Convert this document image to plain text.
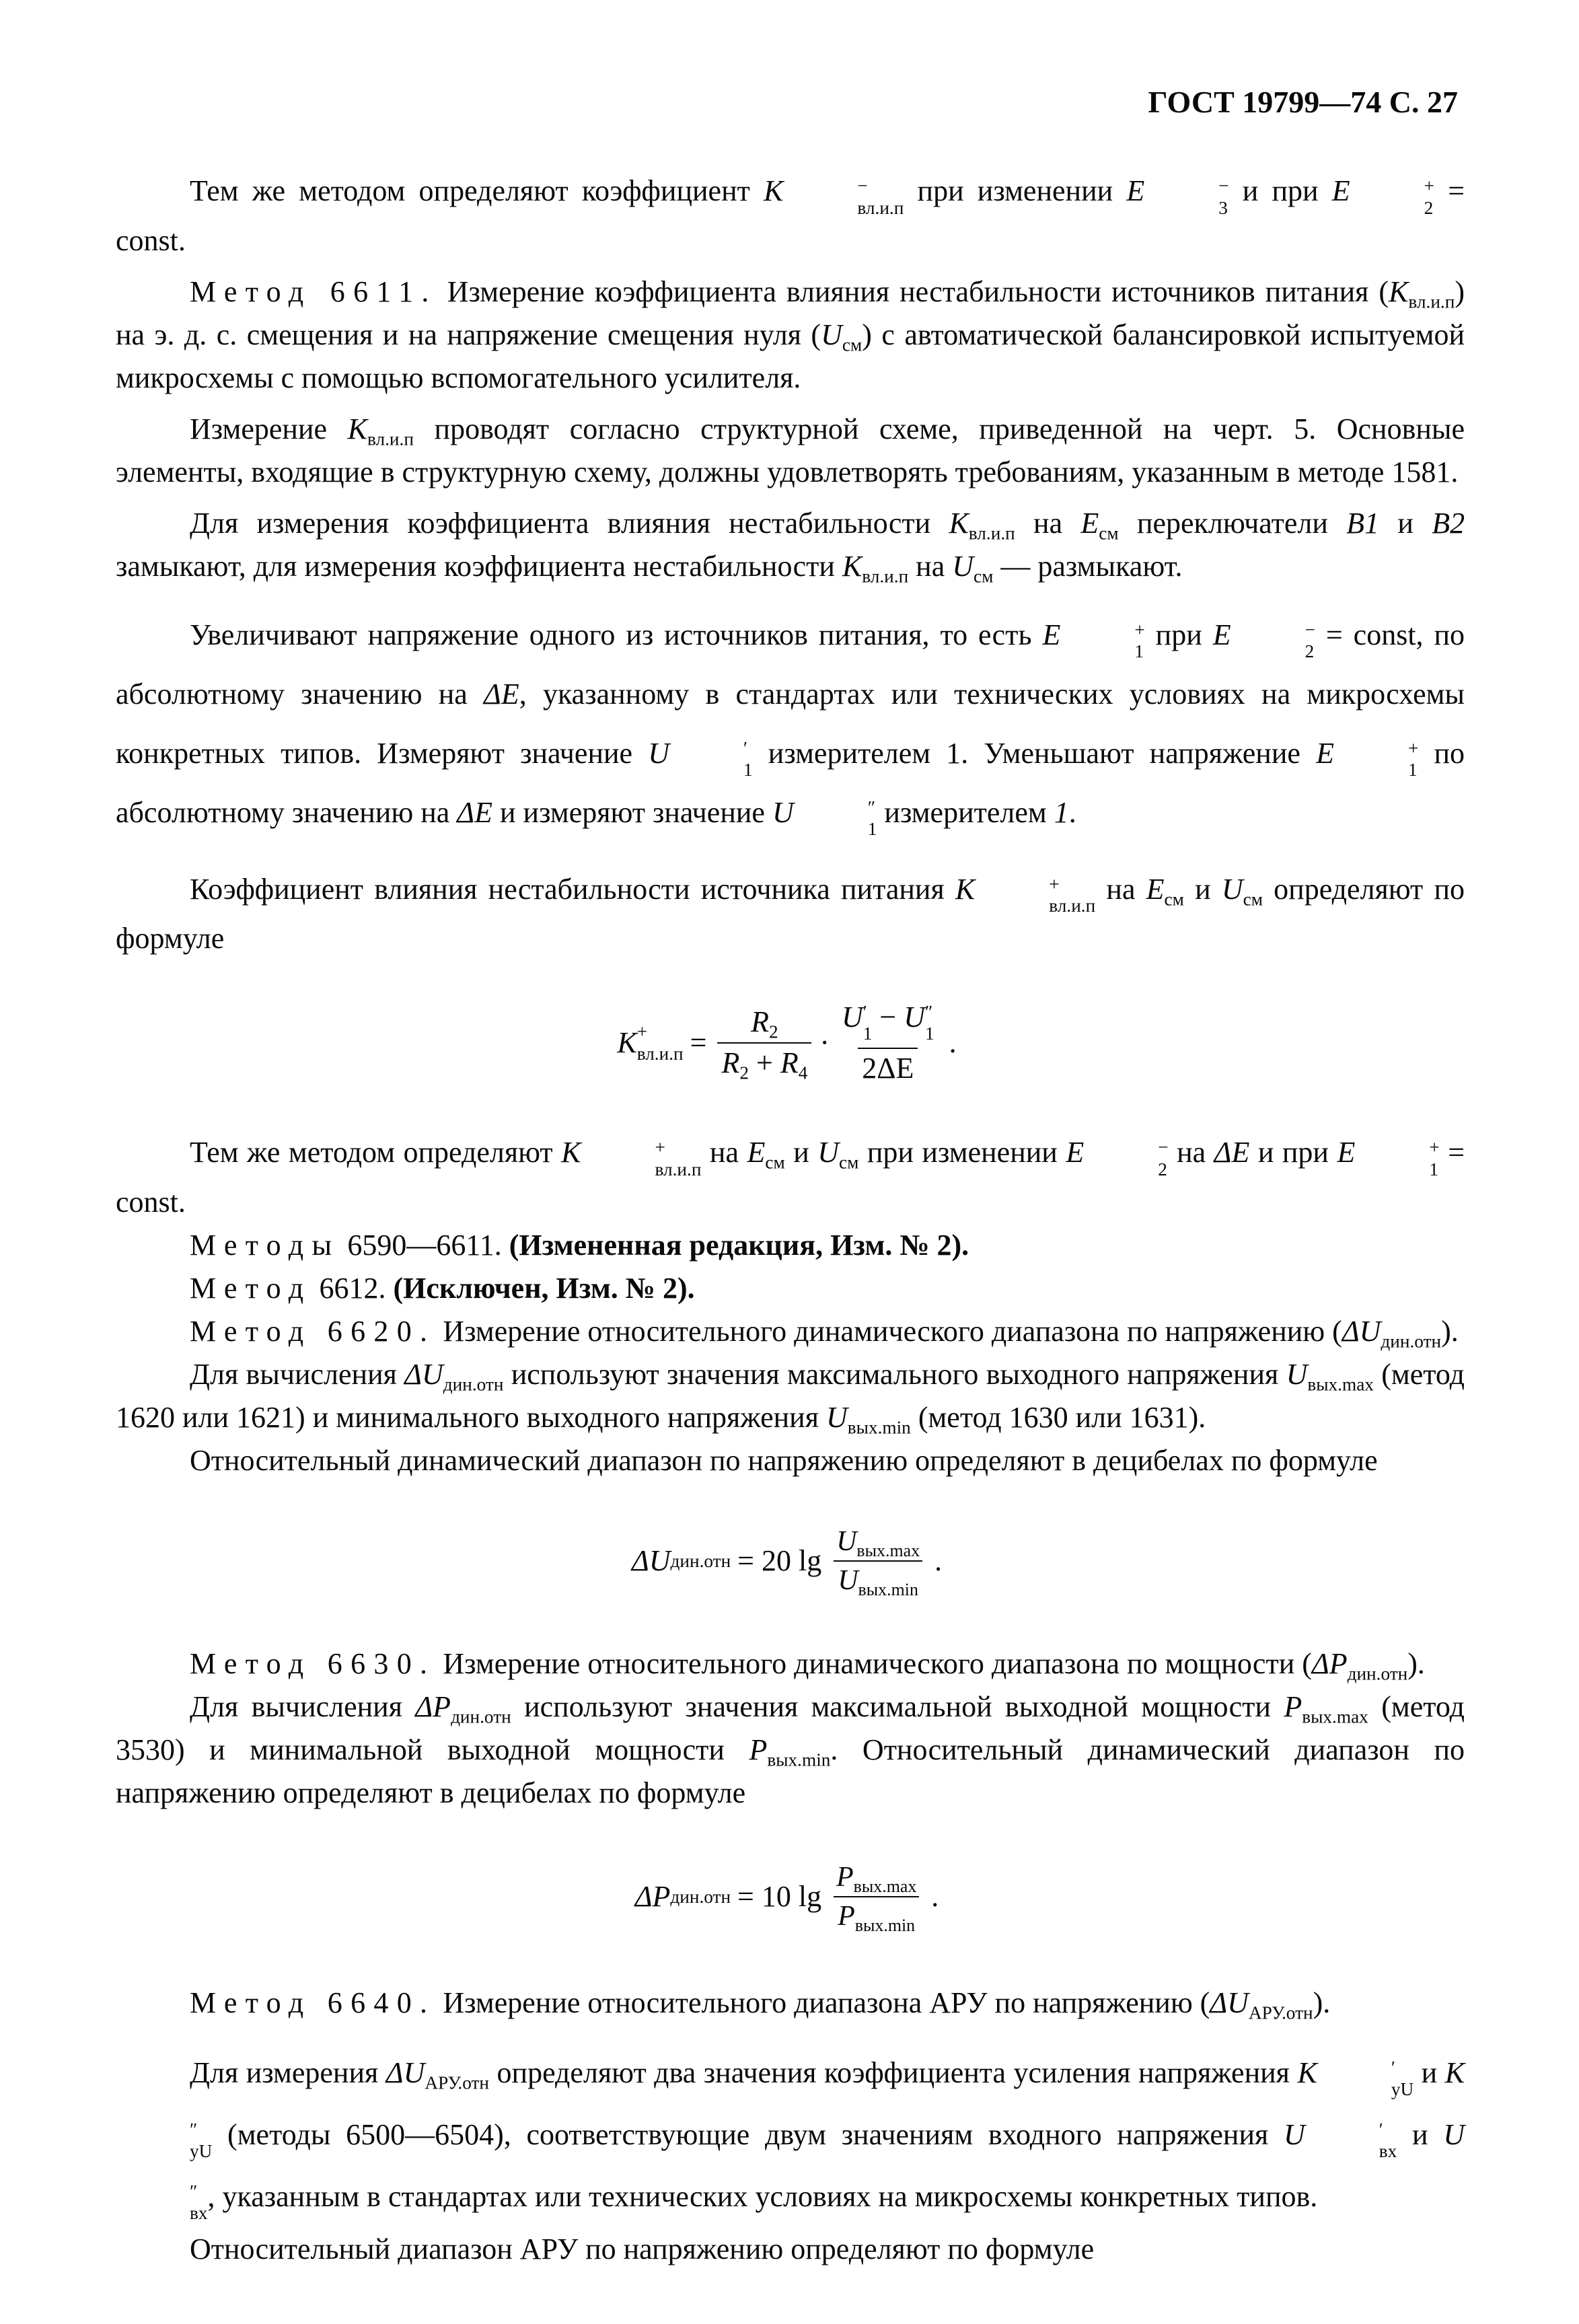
ГОСТ 19799—74 С. 27

Тем же методом определяют коэффициент K	−
вл.и.п
при изменении E	−
3
и при E	+
2
= const.

Метод 6611. Измерение коэффициента влияния нестабильности источников питания $(K_{вл.и.п})$ на э. д. с. смещения и на напряжение смещения нуля $(U_{см})$ с автоматической балансировкой испытуемой микросхемы с помощью вспомогательного усилителя.

Измерение $K_{вл.и.п}$ проводят согласно структурной схеме, приведенной на черт. 5. Основные элементы, входящие в структурную схему, должны удовлетворять требованиям, указанным в методе 1581.

Для измерения коэффициента влияния нестабильности $K_{вл.и.п}$ на $E_{см}$ переключатели B1 и B2 замыкают, для измерения коэффициента нестабильности $K_{вл.и.п}$ на $U_{см}$ — размыкают.

Увеличивают напряжение одного из источников питания, то есть E	+
1
при E	−
2
= const, по абсолютному значению на ΔE, указанному в стандартах или технических условиях на микросхемы конкретных типов. Измеряют значение U	′
1
измерителем 1. Уменьшают напряжение E	+
1
по абсолютному значению на ΔE и измеряют значение U	″
1
измерителем 1.

Коэффициент влияния нестабильности источника питания K	+
вл.и.п
на $E_{см}$ и $U_{см}$ определяют по формуле

K +
$вл.и.п = \frac{R_2}{R_2 + R_4} \cdot U$ ′
1
− U ″
1
2ΔE .

Тем же методом определяют K	+
вл.и.п
на $E_{см}$ и $U_{см}$ при изменении E	−
2
на ΔE и при E	+
1
= const.

Методы 6590—6611. (Измененная редакция, Изм. № 2).

Метод 6612. (Исключен, Изм. № 2).

Метод 6620. Измерение относительного динамического диапазона по напряжению $(\Delta U_{дин.отн})$.

Для вычисления $\Delta U_{дин.отн}$ используют значения максимального выходного напряжения $U_{вых.max}$ (метод 1620 или 1621) и минимального выходного напряжения $U_{вых.min}$ (метод 1630 или 1631).

Относительный динамический диапазон по напряжению определяют в децибелах по формуле

ΔU дин.отн = 20 $\lg \frac{U_{вых.max}}{U_{вых.min}}$ .

Метод 6630. Измерение относительного динамического диапазона по мощности $(\Delta P_{дин.отн})$.

Для вычисления $\Delta P_{дин.отн}$ используют значения максимальной выходной мощности $P_{вых.max}$ (метод 3530) и минимальной выходной мощности $P_{вых.min}$. Относительный динамический диапазон по напряжению определяют в децибелах по формуле

ΔP дин.отн = 10 $\lg \frac{P_{вых.max}}{P_{вых.min}}$ .

Метод 6640. Измерение относительного диапазона АРУ по напряжению $(\Delta U_{АРУ.отн})$.

Для измерения $\Delta U_{АРУ.отн}$ определяют два значения коэффициента усиления напряжения K	′
yU
и K
″
yU
(методы 6500—6504), соответствующие двум значениям входного напряжения U	′
вх
и U
″
вх
, указанным в стандартах или технических условиях на микросхемы конкретных типов.

Относительный диапазон АРУ по напряжению определяют по формуле
